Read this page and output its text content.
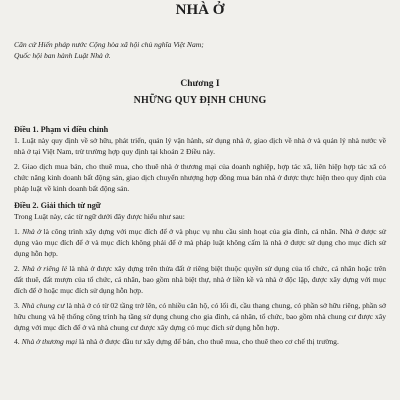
NHÀ Ở
Căn cứ Hiến pháp nước Cộng hòa xã hội chủ nghĩa Việt Nam;
Quốc hội ban hành Luật Nhà ở.
Chương I
NHỮNG QUY ĐỊNH CHUNG
Điều 1. Phạm vi điều chỉnh

1. Luật này quy định về sở hữu, phát triển, quản lý vận hành, sử dụng nhà ở, giao dịch về nhà ở và quản lý nhà nước về nhà ở tại Việt Nam, trừ trường hợp quy định tại khoản 2 Điều này.

2. Giao dịch mua bán, cho thuê mua, cho thuê nhà ở thương mại của doanh nghiệp, hợp tác xã, liên hiệp hợp tác xã có chức năng kinh doanh bất động sản, giao dịch chuyển nhượng hợp đồng mua bán nhà ở được thực hiện theo quy định của pháp luật về kinh doanh bất động sản.

Điều 2. Giải thích từ ngữ

Trong Luật này, các từ ngữ dưới đây được hiểu như sau:

1. Nhà ở là công trình xây dựng với mục đích để ở và phục vụ nhu cầu sinh hoạt của gia đình, cá nhân. Nhà ở được sử dụng vào mục đích để ở và mục đích không phải để ở mà pháp luật không cấm là nhà ở được sử dụng cho mục đích sử dụng hỗn hợp.

2. Nhà ở riêng lẻ là nhà ở được xây dựng trên thửa đất ở riêng biệt thuộc quyền sử dụng của tổ chức, cá nhân hoặc trên đất thuê, đất mượn của tổ chức, cá nhân, bao gồm nhà biệt thự, nhà ở liền kề và nhà ở độc lập, được xây dựng với mục đích để ở hoặc mục đích sử dụng hỗn hợp.

3. Nhà chung cư là nhà ở có từ 02 tầng trở lên, có nhiều căn hộ, có lối đi, cầu thang chung, có phần sở hữu riêng, phần sở hữu chung và hệ thống công trình hạ tầng sử dụng chung cho gia đình, cá nhân, tổ chức, bao gồm nhà chung cư được xây dựng với mục đích để ở và nhà chung cư được xây dựng có mục đích sử dụng hỗn hợp.

4. Nhà ở thương mại là nhà ở được đầu tư xây dựng để bán, cho thuê mua, cho thuê theo cơ chế thị trường.
